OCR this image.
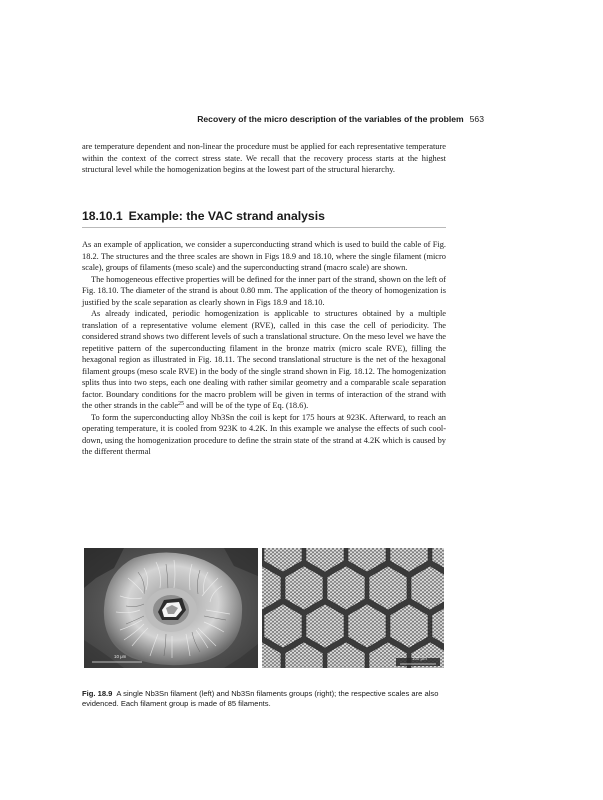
Recovery of the micro description of the variables of the problem 563

are temperature dependent and non-linear the procedure must be applied for each representative temperature within the context of the correct stress state. We recall that the recovery process starts at the highest structural level while the homogenization begins at the lowest part of the structural hierarchy.

18.10.1 Example: the VAC strand analysis

As an example of application, we consider a superconducting strand which is used to build the cable of Fig. 18.2. The structures and the three scales are shown in Figs 18.9 and 18.10, where the single filament (micro scale), groups of filaments (meso scale) and the superconducting strand (macro scale) are shown.

The homogeneous effective properties will be defined for the inner part of the strand, shown on the left of Fig. 18.10. The diameter of the strand is about 0.80 mm. The application of the theory of homogenization is justified by the scale separation as clearly shown in Figs 18.9 and 18.10.

As already indicated, periodic homogenization is applicable to structures obtained by a multiple translation of a representative volume element (RVE), called in this case the cell of periodicity. The considered strand shows two different levels of such a translational structure. On the meso level we have the repetitive pattern of the superconducting filament in the bronze matrix (micro scale RVE), filling the hexagonal region as illustrated in Fig. 18.11. The second translational structure is the net of the hexagonal filament groups (meso scale RVE) in the body of the single strand shown in Fig. 18.12. The homogenization splits thus into two steps, each one dealing with rather similar geometry and a comparable scale separation factor. Boundary conditions for the macro problem will be given in terms of interaction of the strand with the other strands in the cable$^{25}$ and will be of the type of Eq. (18.6).

To form the superconducting alloy Nb3Sn the coil is kept for 175 hours at 923K. Afterward, to reach an operating temperature, it is cooled from 923K to 4.2K. In this example we analyse the effects of such cool-down, using the homogenization procedure to define the strain state of the strand at 4.2K which is caused by the different thermal

10 μm	100 μm
Fig. 18.9 A single Nb3Sn filament (left) and Nb3Sn filaments groups (right); the respective scales are also evidenced. Each filament group is made of 85 filaments.
